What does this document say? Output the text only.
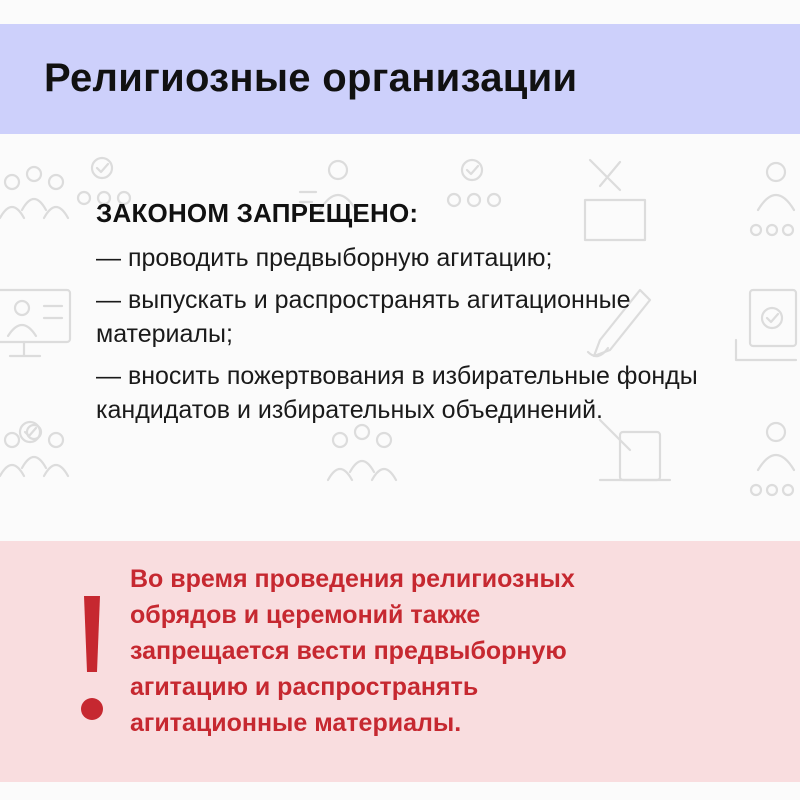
Религиозные организации
ЗАКОНОМ ЗАПРЕЩЕНО:
— проводить предвыборную агитацию;
— выпускать и распространять агитационные материалы;
— вносить пожертвования в избирательные фонды кандидатов и избирательных объединений.
Во время проведения религиозных
обрядов и церемоний также
запрещается вести предвыборную
агитацию и распространять
агитационные материалы.
